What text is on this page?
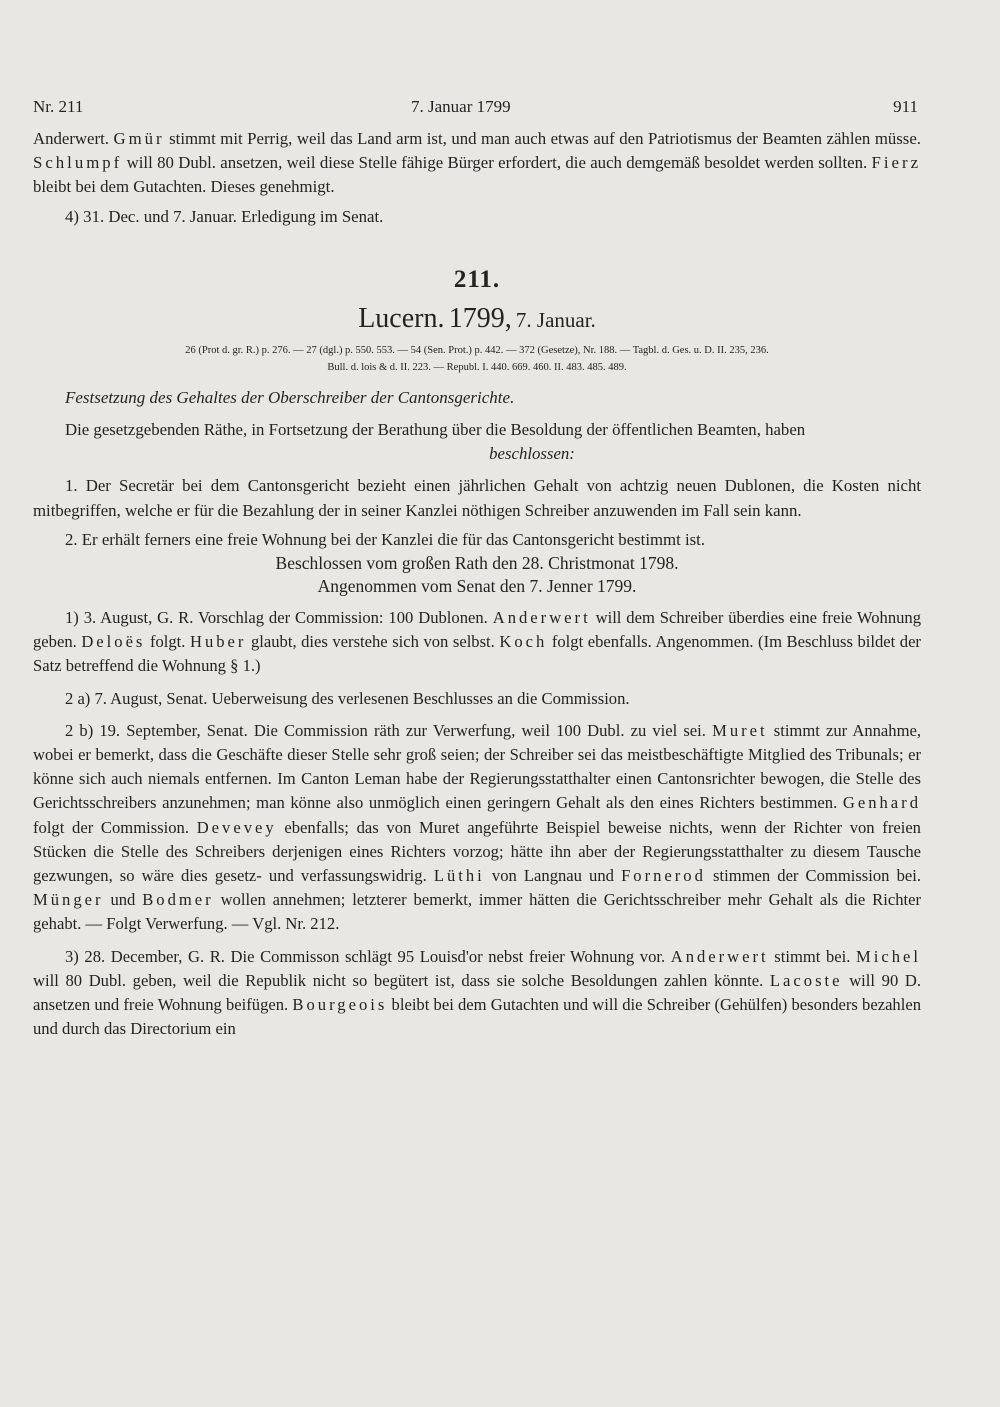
Nr. 211	7. Januar 1799	911

Anderwert. Gmür stimmt mit Perrig, weil das Land arm ist, und man auch etwas auf den Patriotismus der Beamten zählen müsse. Schlumpf will 80 Dubl. ansetzen, weil diese Stelle fähige Bürger erfordert, die auch demgemäß besoldet werden sollten. Fierz bleibt bei dem Gutachten. Dieses genehmigt.

4) 31. Dec. und 7. Januar. Erledigung im Senat.

211.

Lucern. 1799, 7. Januar.

26 (Prot d. gr. R.) p. 276. — 27 (dgl.) p. 550. 553. — 54 (Sen. Prot.) p. 442. — 372 (Gesetze), Nr. 188. — Tagbl. d. Ges. u. D. II. 235, 236.
Bull. d. lois & d. II. 223. — Republ. I. 440. 669. 460. II. 483. 485. 489.

Festsetzung des Gehaltes der Oberschreiber der Cantonsgerichte.

Die gesetzgebenden Räthe, in Fortsetzung der Berathung über die Besoldung der öffentlichen Beamten, haben

beschlossen:

1. Der Secretär bei dem Cantonsgericht bezieht einen jährlichen Gehalt von achtzig neuen Dublonen, die Kosten nicht mitbegriffen, welche er für die Bezahlung der in seiner Kanzlei nöthigen Schreiber anzuwenden im Fall sein kann.

2. Er erhält ferners eine freie Wohnung bei der Kanzlei die für das Cantonsgericht bestimmt ist.

Beschlossen vom großen Rath den 28. Christmonat 1798.

Angenommen vom Senat den 7. Jenner 1799.

1) 3. August, G. R. Vorschlag der Commission: 100 Dublonen. Anderwert will dem Schreiber überdies eine freie Wohnung geben. Deloës folgt. Huber glaubt, dies verstehe sich von selbst. Koch folgt ebenfalls. Angenommen. (Im Beschluss bildet der Satz betreffend die Wohnung § 1.)

2 a) 7. August, Senat. Ueberweisung des verlesenen Beschlusses an die Commission.

2 b) 19. September, Senat. Die Commission räth zur Verwerfung, weil 100 Dubl. zu viel sei. Muret stimmt zur Annahme, wobei er bemerkt, dass die Geschäfte dieser Stelle sehr groß seien; der Schreiber sei das meistbeschäftigte Mitglied des Tribunals; er könne sich auch niemals entfernen. Im Canton Leman habe der Regierungsstatthalter einen Cantonsrichter bewogen, die Stelle des Gerichtsschreibers anzunehmen; man könne also unmöglich einen geringern Gehalt als den eines Richters bestimmen. Genhard folgt der Commission. Devevey ebenfalls; das von Muret angeführte Beispiel beweise nichts, wenn der Richter von freien Stücken die Stelle des Schreibers derjenigen eines Richters vorzog; hätte ihn aber der Regierungsstatthalter zu diesem Tausche gezwungen, so wäre dies gesetz- und verfassungswidrig. Lüthi von Langnau und Fornerod stimmen der Commission bei. Münger und Bodmer wollen annehmen; letzterer bemerkt, immer hätten die Gerichtsschreiber mehr Gehalt als die Richter gehabt. — Folgt Verwerfung. — Vgl. Nr. 212.

3) 28. December, G. R. Die Commisson schlägt 95 Louisd'or nebst freier Wohnung vor. Anderwert stimmt bei. Michel will 80 Dubl. geben, weil die Republik nicht so begütert ist, dass sie solche Besoldungen zahlen könnte. Lacoste will 90 D. ansetzen und freie Wohnung beifügen. Bourgeois bleibt bei dem Gutachten und will die Schreiber (Gehülfen) besonders bezahlen und durch das Directorium ein
